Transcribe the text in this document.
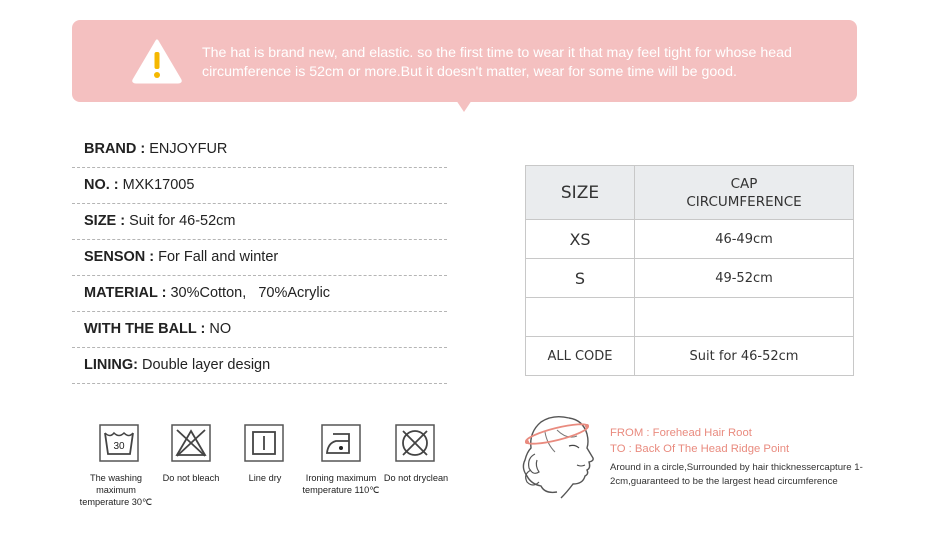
The hat is brand new, and elastic. so the first time to wear it that may feel tight for whose head circumference is 52cm or more.But it doesn't matter, wear for some time will be good.
BRAND : ENJOYFUR
NO. : MXK17005
SIZE : Suit for 46-52cm
SENSON : For Fall and winter
MATERIAL : 30%Cotton,   70%Acrylic
WITH THE BALL : NO
LINING: Double layer design
SIZE	CAP
CIRCUMFERENCE
XS	46-49cm
S	49-52cm

ALL CODE	Suit for 46-52cm
30
The washing maximum temperature 30℃
Do not bleach	Line dry	Ironing maximum temperature 110℃
Do not dryclean
FROM : Forehead Hair Root
TO : Back Of The Head Ridge Point
Around in a circle,Surrounded by hair thicknessercapture 1-2cm,guaranteed to be the largest head circumference
